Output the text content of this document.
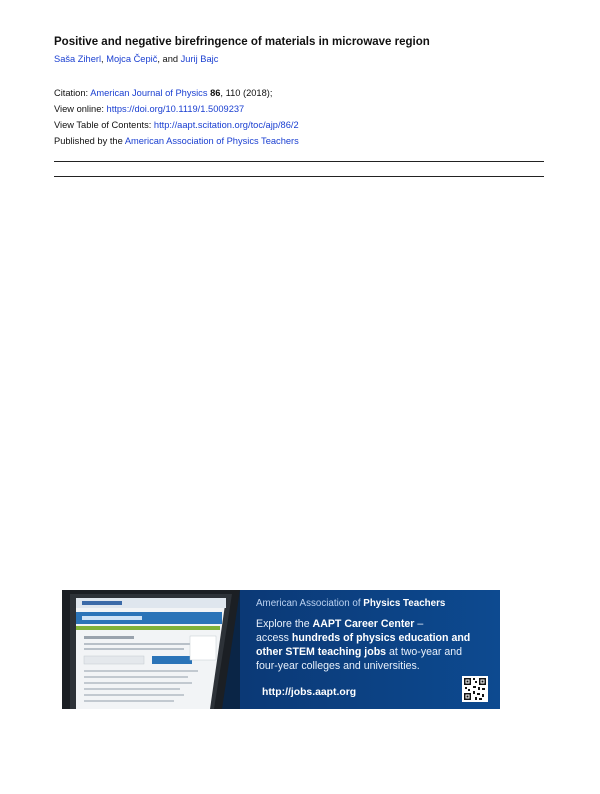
Positive and negative birefringence of materials in microwave region
Saša Ziherl, Mojca Čepič, and Jurij Bajc
Citation: American Journal of Physics 86, 110 (2018);
View online: https://doi.org/10.1119/1.5009237
View Table of Contents: http://aapt.scitation.org/toc/ajp/86/2
Published by the American Association of Physics Teachers
American Association of Physics Teachers
Explore the AAPT Career Center –
access hundreds of physics education and
other STEM teaching jobs at two-year and
four-year colleges and universities.
http://jobs.aapt.org
